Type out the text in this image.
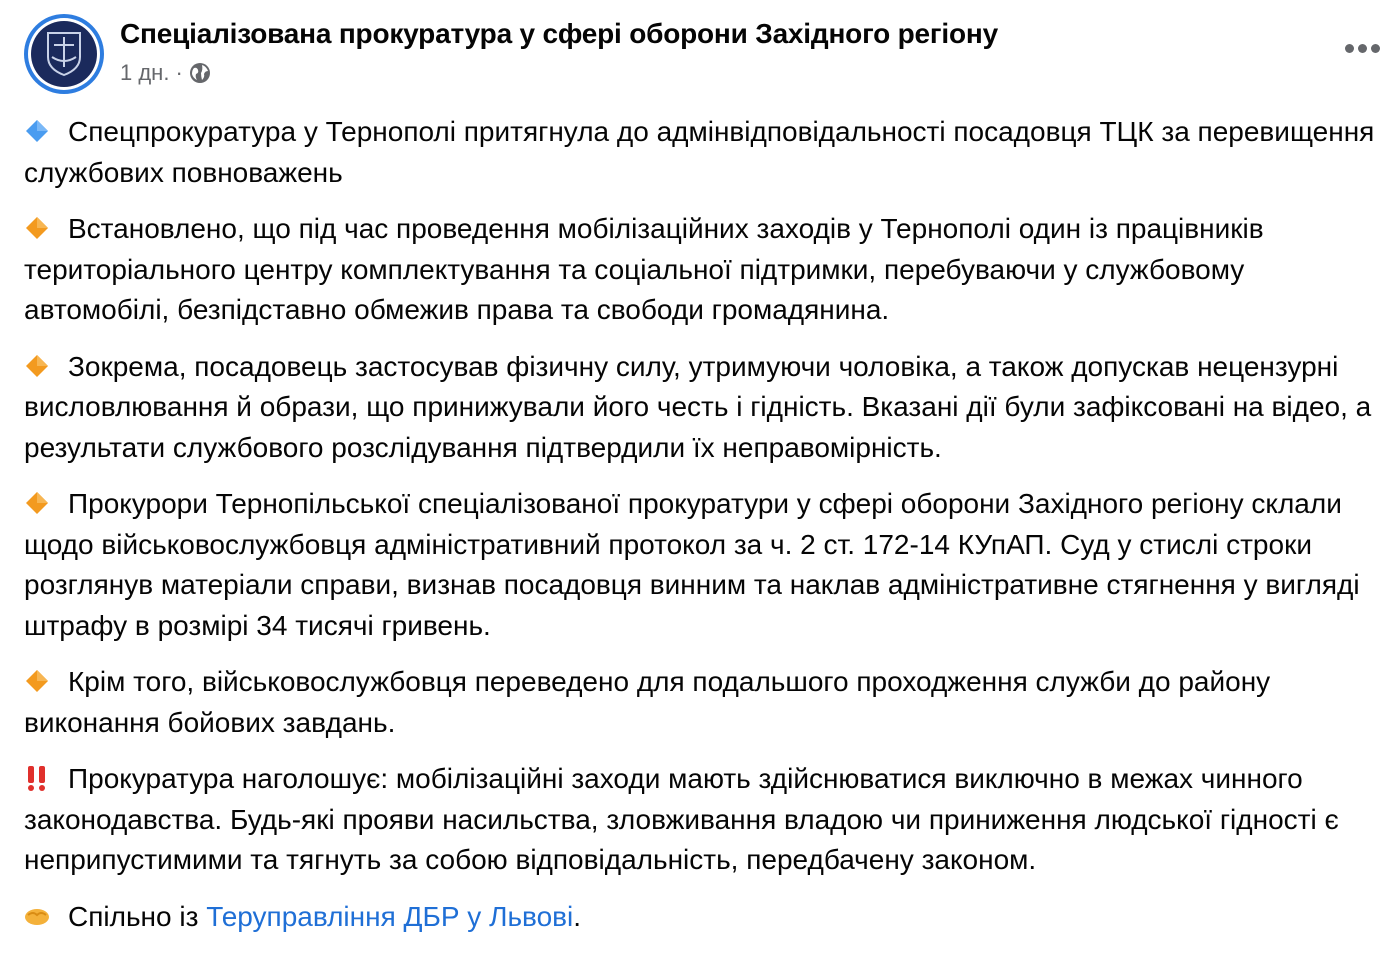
Спеціалізована прокуратура у сфері оборони Західного регіону
1 дн. ·

Спецпрокуратура у Тернополі притягнула до адмінвідповідальності посадовця ТЦК за перевищення службових повноважень

Встановлено, що під час проведення мобілізаційних заходів у Тернополі один із працівників територіального центру комплектування та соціальної підтримки, перебуваючи у службовому автомобілі, безпідставно обмежив права та свободи громадянина.

Зокрема, посадовець застосував фізичну силу, утримуючи чоловіка, а також допускав нецензурні висловлювання й образи, що принижували його честь і гідність. Вказані дії були зафіксовані на відео, а результати службового розслідування підтвердили їх неправомірність.

Прокурори Тернопільської спеціалізованої прокуратури у сфері оборони Західного регіону склали щодо військовослужбовця адміністративний протокол за ч. 2 ст. 172-14 КУпАП. Суд у стислі строки розглянув матеріали справи, визнав посадовця винним та наклав адміністративне стягнення у вигляді штрафу в розмірі 34 тисячі гривень.

Крім того, військовослужбовця переведено для подальшого проходження служби до району виконання бойових завдань.

Прокуратура наголошує: мобілізаційні заходи мають здійснюватися виключно в межах чинного законодавства. Будь-які прояви насильства, зловживання владою чи приниження людської гідності є неприпустимими та тягнуть за собою відповідальність, передбачену законом.

Спільно із Теруправління ДБР у Львові.
